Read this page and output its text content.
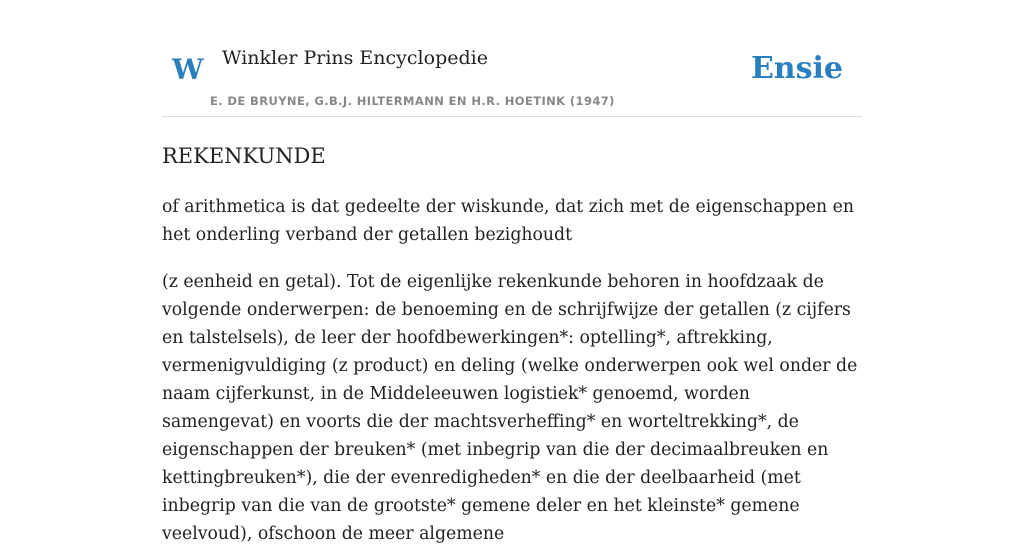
W Winkler Prins Encyclopedie
E. DE BRUYNE, G.B.J. HILTERMANN EN H.R. HOETINK (1947)
Ensie
REKENKUNDE

of arithmetica is dat gedeelte der wiskunde, dat zich met de eigenschappen en het onderling verband der getallen bezighoudt

(z eenheid en getal). Tot de eigenlijke rekenkunde behoren in hoofdzaak de volgende onderwerpen: de benoeming en de schrijfwijze der getallen (z cijfers en talstelsels), de leer der hoofdbewerkingen*: optelling*, aftrekking, vermenigvuldiging (z product) en deling (welke onderwerpen ook wel onder de naam cijferkunst, in de Middeleeuwen logistiek* genoemd, worden samengevat) en voorts die der machtsverheffing* en worteltrekking*, de eigenschappen der breuken* (met inbegrip van die der decimaalbreuken en kettingbreuken*), die der evenredigheden* en die der deelbaarheid (met inbegrip van die van de grootste* gemene deler en het kleinste* gemene veelvoud), ofschoon de meer algemene
